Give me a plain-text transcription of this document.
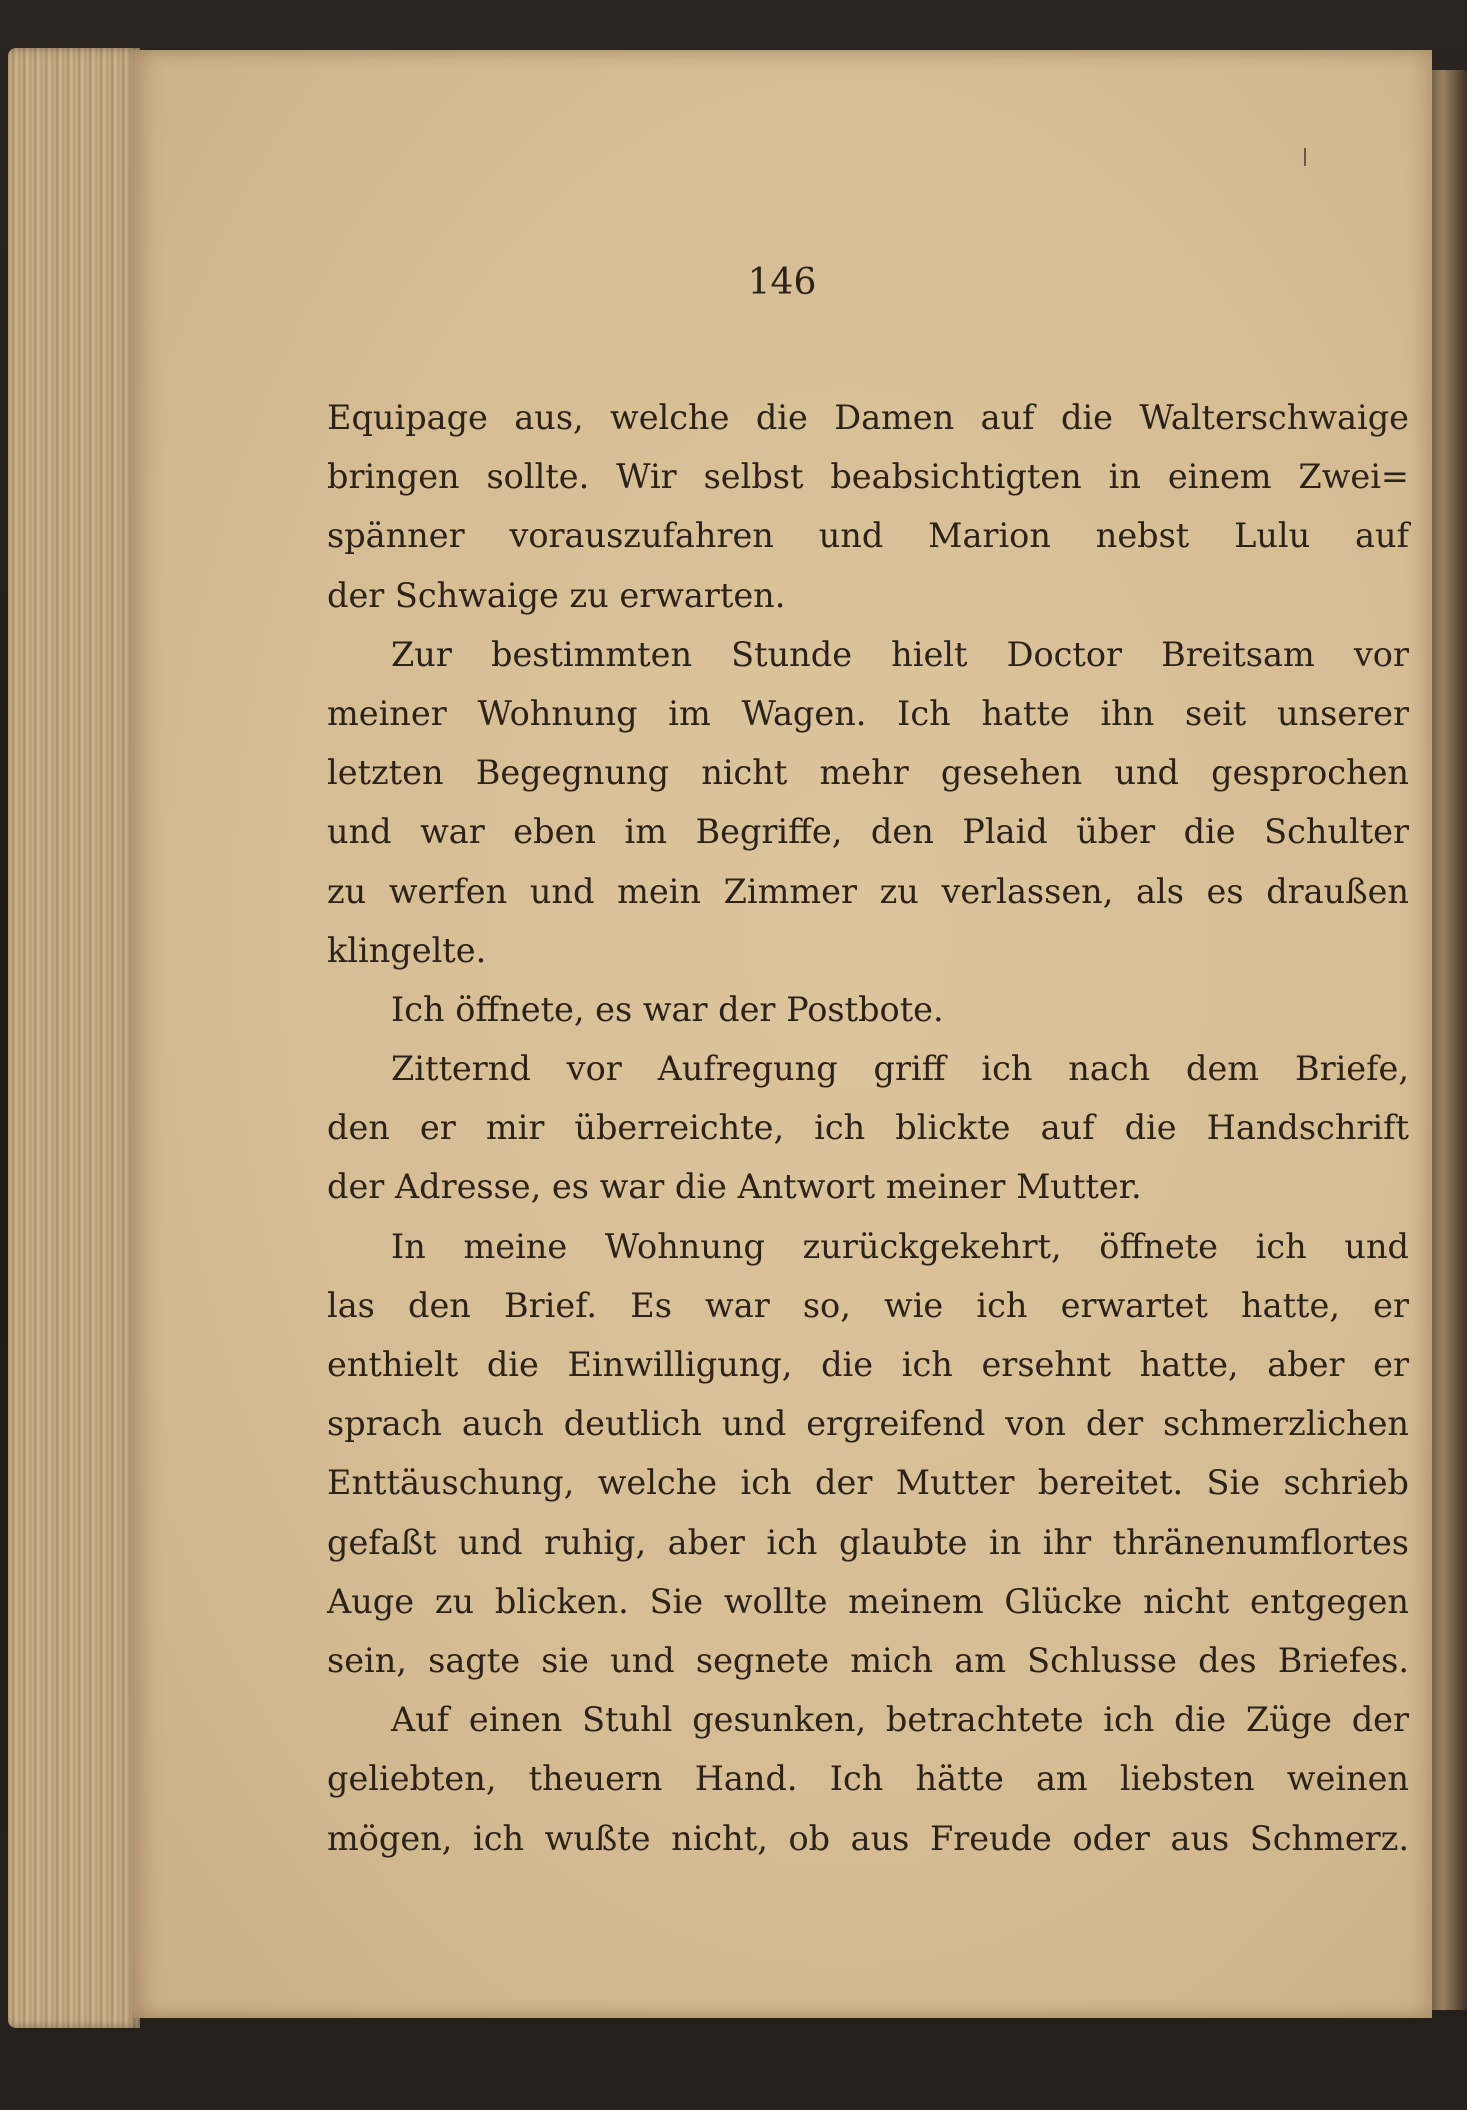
146

Equipage aus, welche die Damen auf die Walterschwaige
bringen sollte. Wir selbst beabsichtigten in einem Zwei=
spänner vorauszufahren und Marion nebst Lulu auf
der Schwaige zu erwarten.

Zur bestimmten Stunde hielt Doctor Breitsam vor
meiner Wohnung im Wagen. Ich hatte ihn seit unserer
letzten Begegnung nicht mehr gesehen und gesprochen
und war eben im Begriffe, den Plaid über die Schulter
zu werfen und mein Zimmer zu verlassen, als es draußen
klingelte.

Ich öffnete, es war der Postbote.

Zitternd vor Aufregung griff ich nach dem Briefe,
den er mir überreichte, ich blickte auf die Handschrift
der Adresse, es war die Antwort meiner Mutter.

In meine Wohnung zurückgekehrt, öffnete ich und
las den Brief. Es war so, wie ich erwartet hatte, er
enthielt die Einwilligung, die ich ersehnt hatte, aber er
sprach auch deutlich und ergreifend von der schmerzlichen
Enttäuschung, welche ich der Mutter bereitet. Sie schrieb
gefaßt und ruhig, aber ich glaubte in ihr thränenumflortes
Auge zu blicken. Sie wollte meinem Glücke nicht entgegen
sein, sagte sie und segnete mich am Schlusse des Briefes.

Auf einen Stuhl gesunken, betrachtete ich die Züge der
geliebten, theuern Hand. Ich hätte am liebsten weinen
mögen, ich wußte nicht, ob aus Freude oder aus Schmerz.
